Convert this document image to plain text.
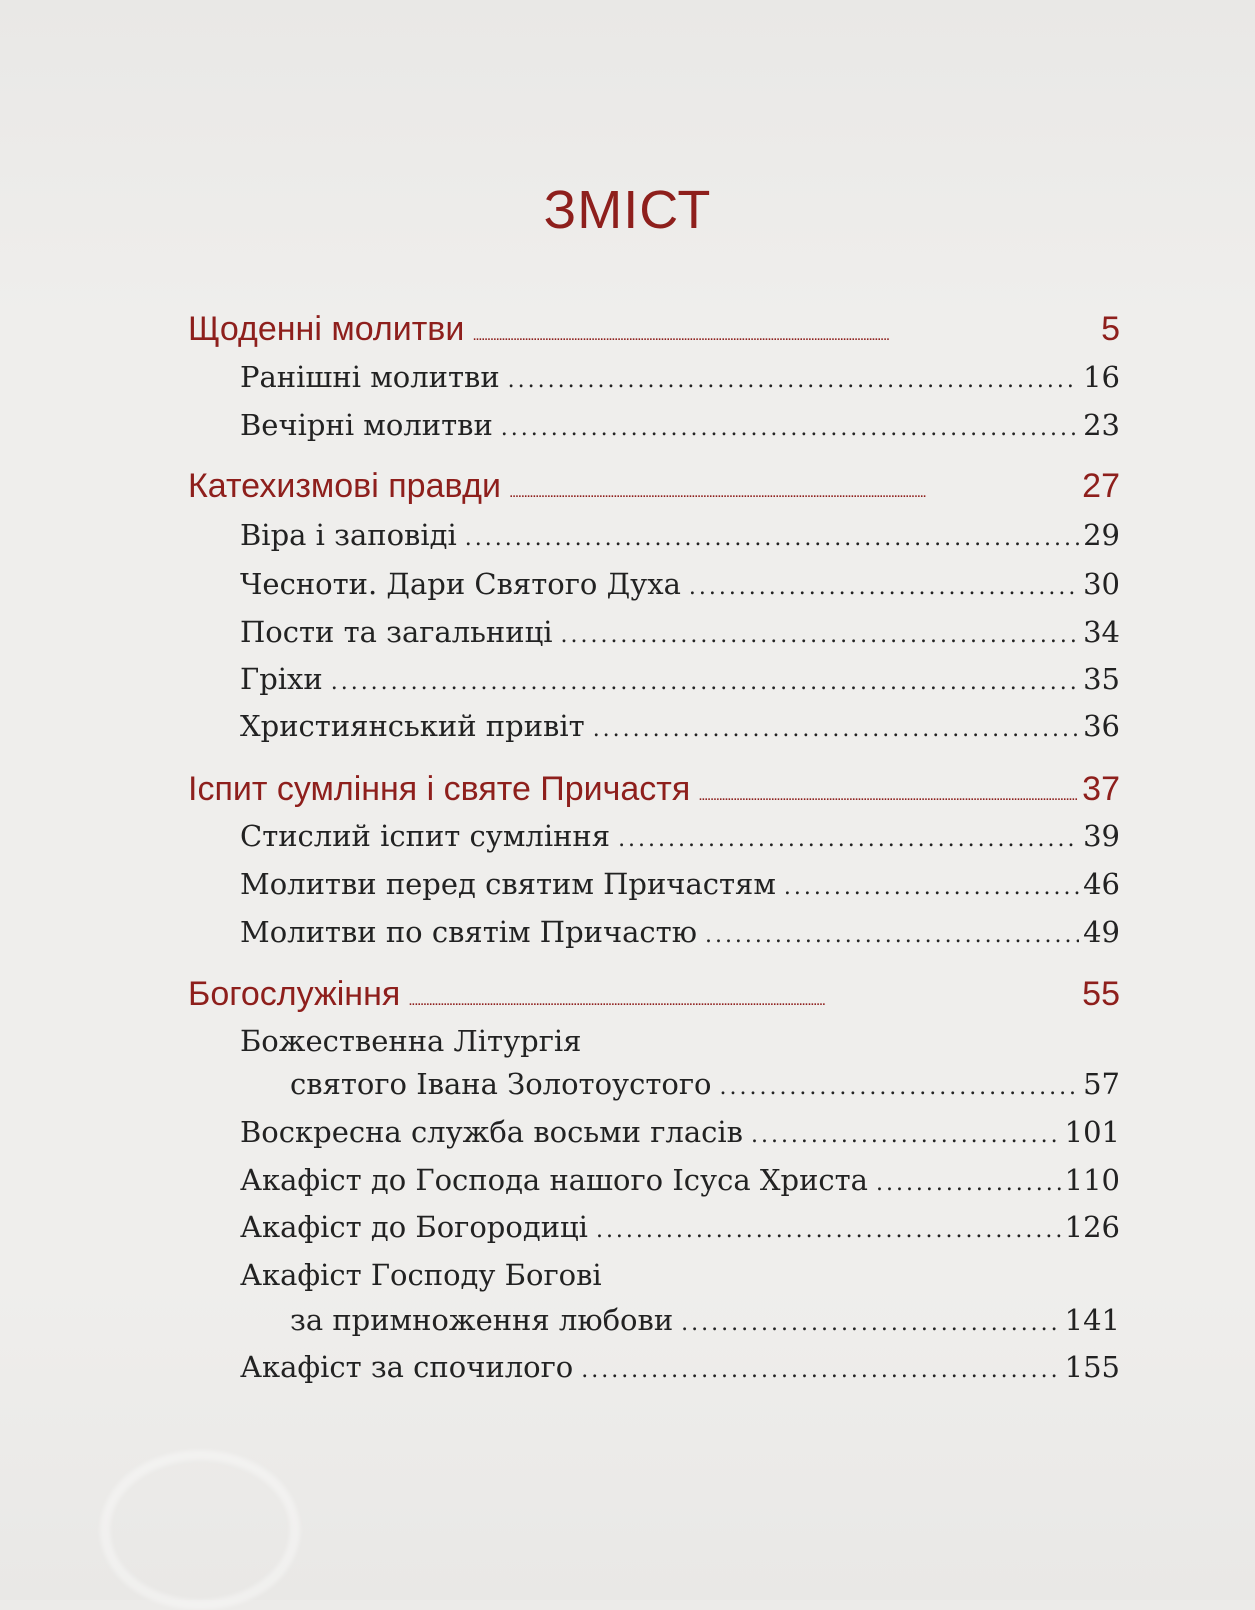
ЗМІСТ
Щоденні молитви . . .	5
Ранішні молитви . . .	16
Вечірні молитви . . .	23
Катехизмові правди . . .	27
Віра і заповіді . . .	29
Чесноти. Дари Святого Духа . . .	30
Пости та загальниці . . .	34
Гріхи . . .	35
Християнський привіт . . .	36
Іспит сумління і святе Причастя . . .	37
Стислий іспит сумління . . .	39
Молитви перед святим Причастям . . .	46
Молитви по святім Причастю . . .	49
Богослужіння . . .	55
Божественна Літургія
святого Івана Золотоустого . . .	57
Воскресна служба восьми гласів . . .	101
Акафіст до Господа нашого Ісуса Христа . . .	110
Акафіст до Богородиці . . .	126
Акафіст Господу Богові
за примноження любови . . .	141
Акафіст за спочилого . . .	155
